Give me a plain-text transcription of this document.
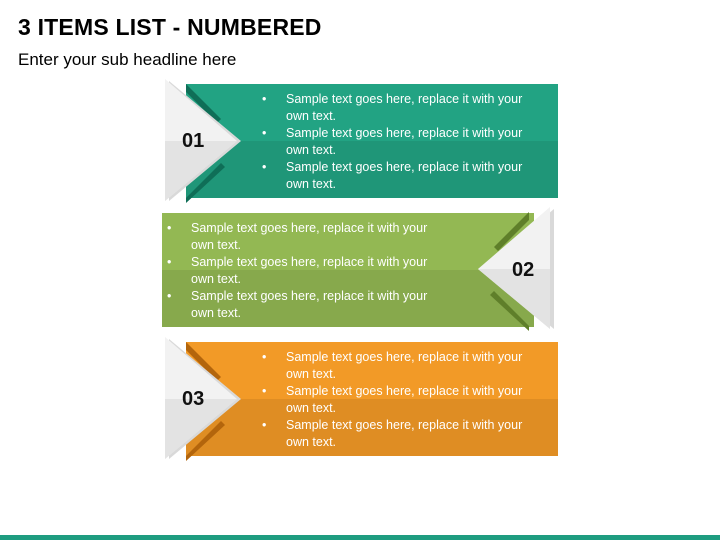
3 ITEMS LIST - NUMBERED
Enter your sub headline here
• Sample text goes here, replace it with your own text.
• Sample text goes here, replace it with your own text.
• Sample text goes here, replace it with your own text.
01
• Sample text goes here, replace it with your own text.
• Sample text goes here, replace it with your own text.
• Sample text goes here, replace it with your own text.
02
• Sample text goes here, replace it with your own text.
• Sample text goes here, replace it with your own text.
• Sample text goes here, replace it with your own text.
03
